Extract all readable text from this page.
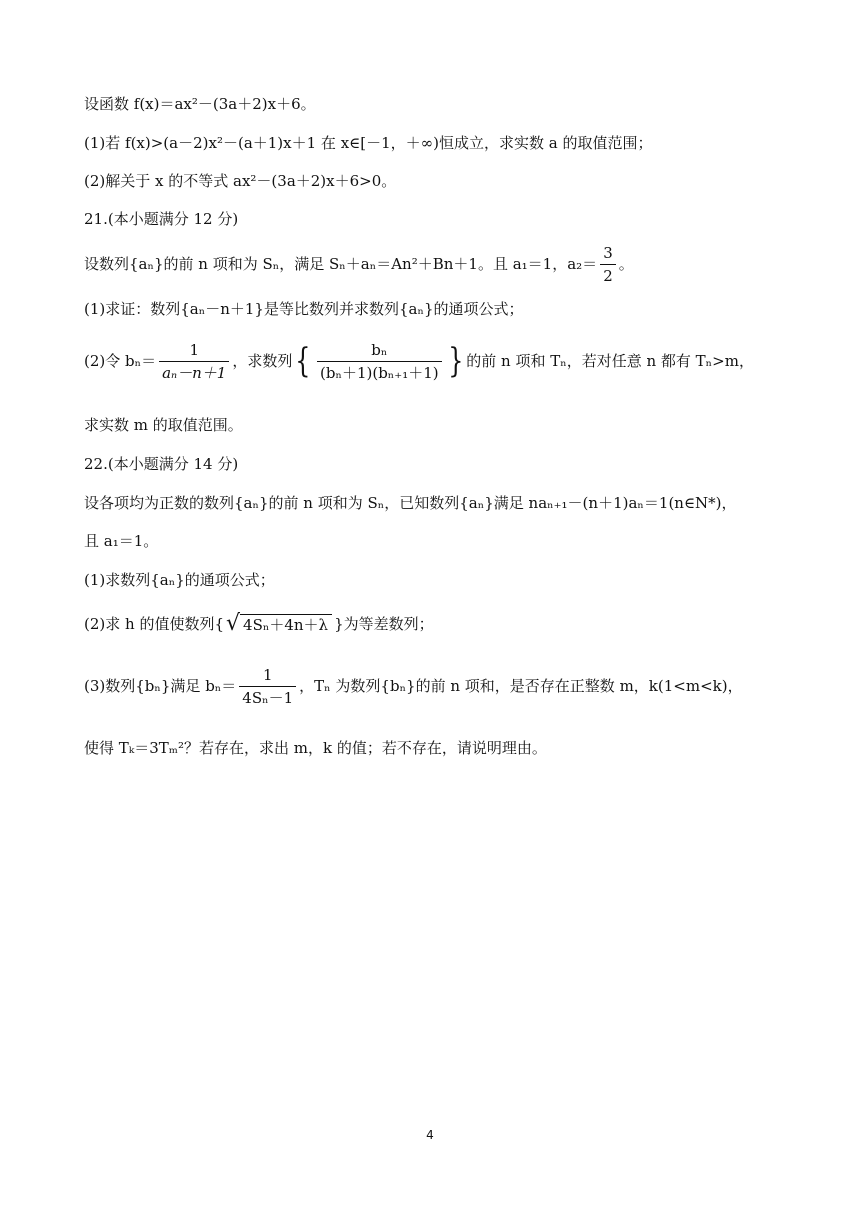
设函数 f(x)＝ax²－(3a＋2)x＋6。
(1)若 f(x)>(a－2)x²－(a＋1)x＋1 在 x∈[－1，＋∞)恒成立，求实数 a 的取值范围；
(2)解关于 x 的不等式 ax²－(3a＋2)x＋6>0。
21.(本小题满分 12 分)
设数列{aₙ}的前 n 项和为 Sₙ，满足 Sₙ＋aₙ＝An²＋Bn＋1。且 a₁＝1，$a_2= \frac{3}{2}$ 。
(1)求证：数列{aₙ－n＋1}是等比数列并求数列{aₙ}的通项公式；
(2)令 $b_n= \frac{1}{\text{aₙ－n＋1}}$ ，求数列 { $\frac{\text{bₙ}}{\text{(bₙ＋1)(bₙ₊₁＋1)}}$ } 的前 n 项和 Tₙ，若对任意 n 都有 Tₙ>m，
求实数 m 的取值范围。
22.(本小题满分 14 分)
设各项均为正数的数列{aₙ}的前 n 项和为 Sₙ，已知数列{aₙ}满足 naₙ₊₁－(n＋1)aₙ＝1(n∈N*)，
且 a₁＝1。
(1)求数列{aₙ}的通项公式；
(2)求 h 的值使数列{ √ 4Sₙ＋4n＋λ }为等差数列；
(3)数列{bₙ}满足 $b_n= \frac{1}{\text{4Sₙ－1}}$ ，Tₙ 为数列{bₙ}的前 n 项和，是否存在正整数 m，k(1<m<k)，
使得 Tₖ＝3Tₘ²？若存在，求出 m，k 的值；若不存在，请说明理由。
4
